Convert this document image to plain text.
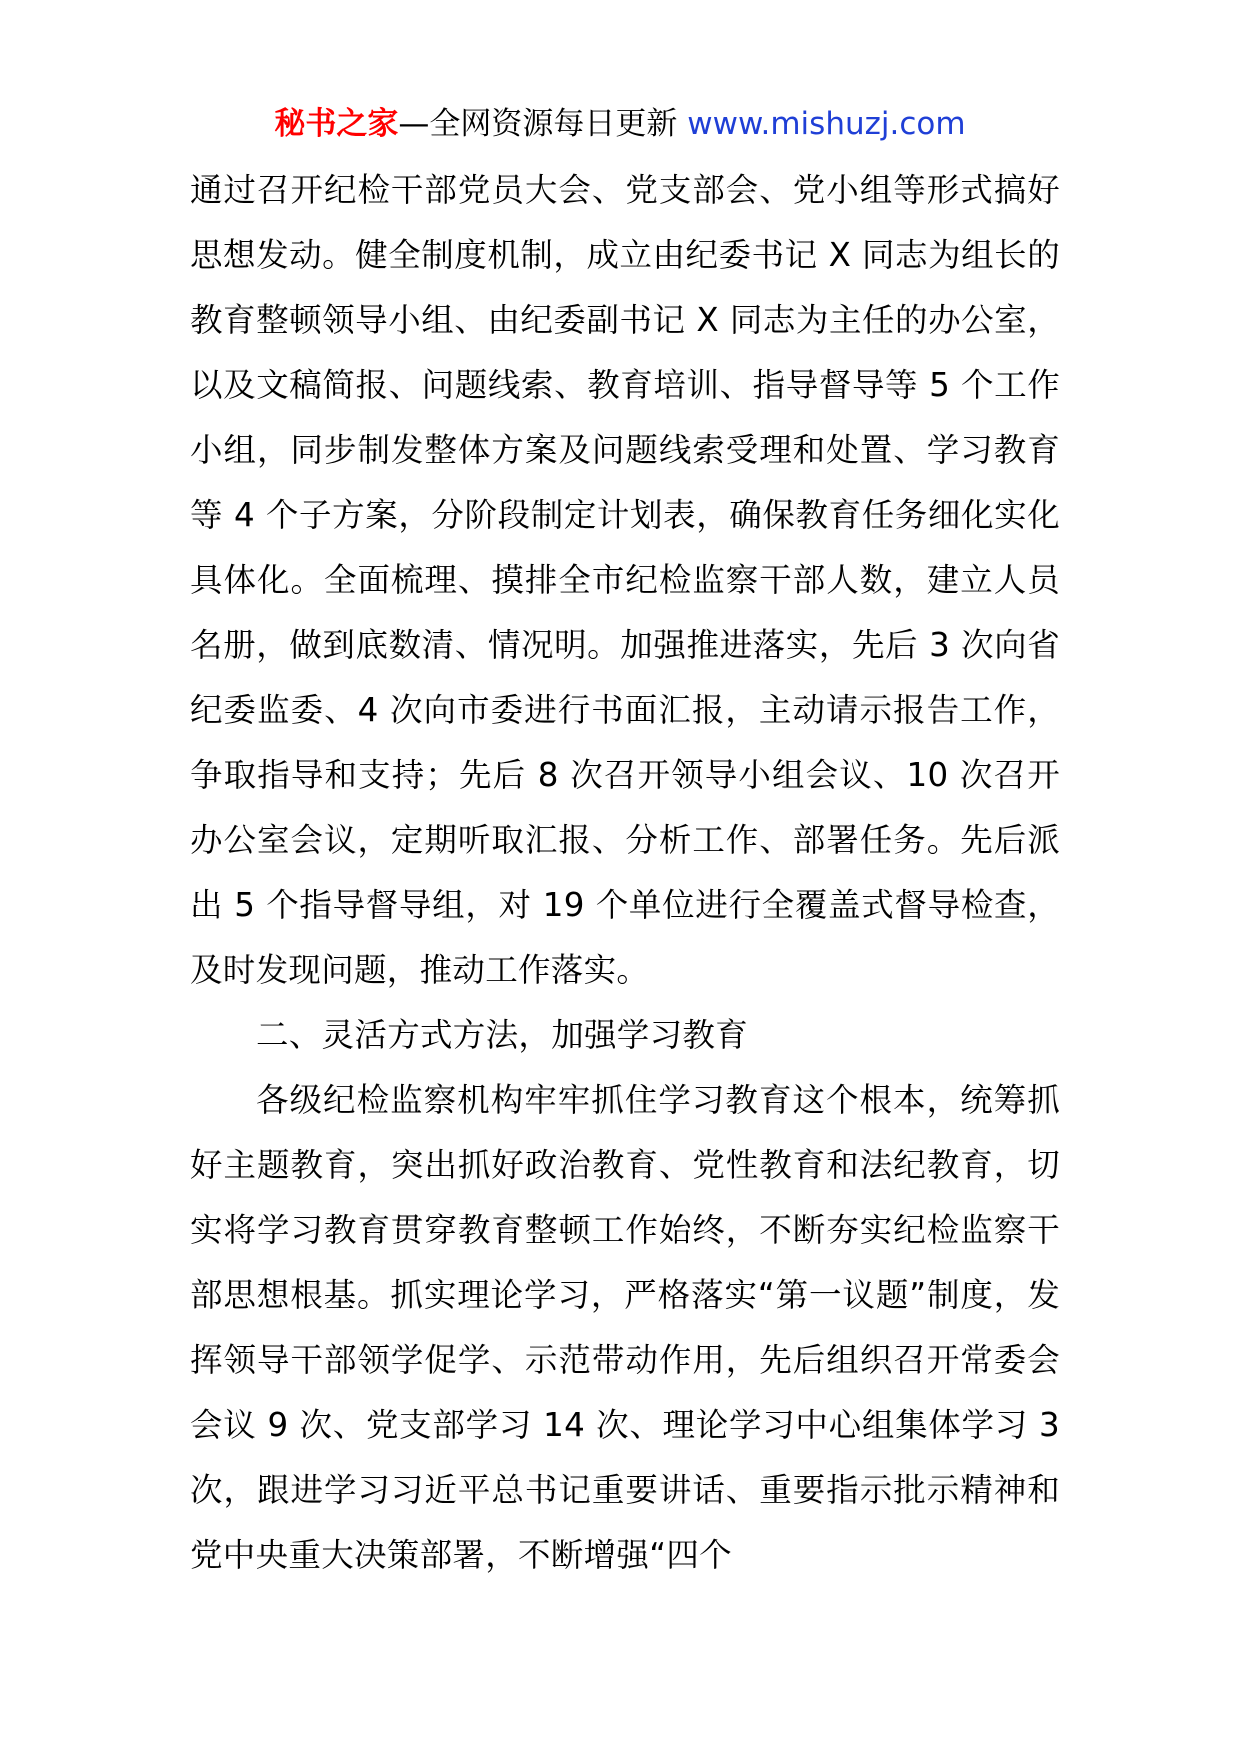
秘书之家—全网资源每日更新 www.mishuzj.com

通过召开纪检干部党员大会、党支部会、党小组等形式搞好思想发动。健全制度机制，成立由纪委书记 X 同志为组长的教育整顿领导小组、由纪委副书记 X 同志为主任的办公室，以及文稿简报、问题线索、教育培训、指导督导等 5 个工作小组，同步制发整体方案及问题线索受理和处置、学习教育等 4 个子方案，分阶段制定计划表，确保教育任务细化实化具体化。全面梳理、摸排全市纪检监察干部人数，建立人员名册，做到底数清、情况明。加强推进落实，先后 3 次向省纪委监委、4 次向市委进行书面汇报，主动请示报告工作，争取指导和支持；先后 8 次召开领导小组会议、10 次召开办公室会议，定期听取汇报、分析工作、部署任务。先后派出 5 个指导督导组，对 19 个单位进行全覆盖式督导检查，及时发现问题，推动工作落实。

二、灵活方式方法，加强学习教育

各级纪检监察机构牢牢抓住学习教育这个根本，统筹抓好主题教育，突出抓好政治教育、党性教育和法纪教育，切实将学习教育贯穿教育整顿工作始终，不断夯实纪检监察干部思想根基。抓实理论学习，严格落实“第一议题”制度，发挥领导干部领学促学、示范带动作用，先后组织召开常委会会议 9 次、党支部学习 14 次、理论学习中心组集体学习 3 次，跟进学习习近平总书记重要讲话、重要指示批示精神和党中央重大决策部署，不断增强“四个
